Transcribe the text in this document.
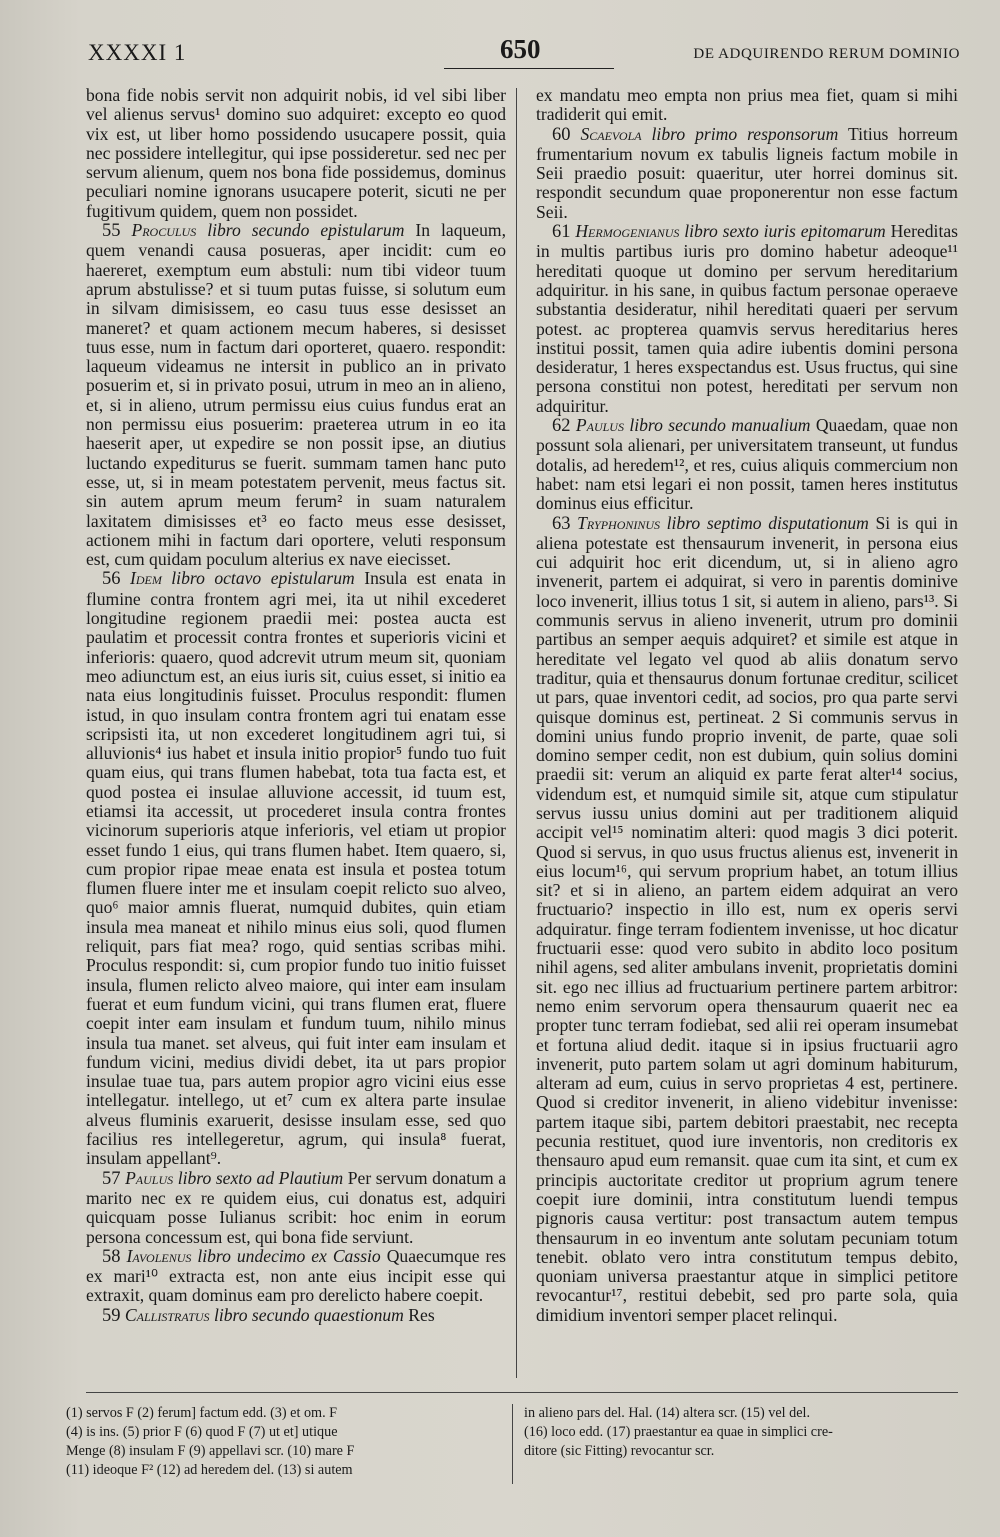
XXXXI 1	650	DE ADQUIRENDO RERUM DOMINIO

bona fide nobis servit non adquirit nobis, id vel sibi liber vel alienus servus¹ domino suo adquiret: excepto eo quod vix est, ut liber homo possidendo usucapere possit, quia nec possidere intellegitur, qui ipse possideretur. sed nec per servum alienum, quem nos bona fide possidemus, dominus peculiari nomine ignorans usucapere poterit, sicuti ne per fugitivum quidem, quem non possidet.

55 Proculus libro secundo epistularum In laqueum, quem venandi causa posueras, aper incidit: cum eo haereret, exemptum eum abstuli: num tibi videor tuum aprum abstulisse? et si tuum putas fuisse, si solutum eum in silvam dimisissem, eo casu tuus esse desisset an maneret? et quam actionem mecum haberes, si desisset tuus esse, num in factum dari oporteret, quaero. respondit: laqueum videamus ne intersit in publico an in privato posuerim et, si in privato posui, utrum in meo an in alieno, et, si in alieno, utrum permissu eius cuius fundus erat an non permissu eius posuerim: praeterea utrum in eo ita haeserit aper, ut expedire se non possit ipse, an diutius luctando expediturus se fuerit. summam tamen hanc puto esse, ut, si in meam potestatem pervenit, meus factus sit. sin autem aprum meum ferum² in suam naturalem laxitatem dimisisses et³ eo facto meus esse desisset, actionem mihi in factum dari oportere, veluti responsum est, cum quidam poculum alterius ex nave eiecisset.

56 Idem libro octavo epistularum Insula est enata in flumine contra frontem agri mei, ita ut nihil excederet longitudine regionem praedii mei: postea aucta est paulatim et processit contra frontes et superioris vicini et inferioris: quaero, quod adcrevit utrum meum sit, quoniam meo adiunctum est, an eius iuris sit, cuius esset, si initio ea nata eius longitudinis fuisset. Proculus respondit: flumen istud, in quo insulam contra frontem agri tui enatam esse scripsisti ita, ut non excederet longitudinem agri tui, si alluvionis⁴ ius habet et insula initio propior⁵ fundo tuo fuit quam eius, qui trans flumen habebat, tota tua facta est, et quod postea ei insulae alluvione accessit, id tuum est, etiamsi ita accessit, ut procederet insula contra frontes vicinorum superioris atque inferioris, vel etiam ut propior esset fundo 1 eius, qui trans flumen habet. Item quaero, si, cum propior ripae meae enata est insula et postea totum flumen fluere inter me et insulam coepit relicto suo alveo, quo⁶ maior amnis fluerat, numquid dubites, quin etiam insula mea maneat et nihilo minus eius soli, quod flumen reliquit, pars fiat mea? rogo, quid sentias scribas mihi. Proculus respondit: si, cum propior fundo tuo initio fuisset insula, flumen relicto alveo maiore, qui inter eam insulam fuerat et eum fundum vicini, qui trans flumen erat, fluere coepit inter eam insulam et fundum tuum, nihilo minus insula tua manet. set alveus, qui fuit inter eam insulam et fundum vicini, medius dividi debet, ita ut pars propior insulae tuae tua, pars autem propior agro vicini eius esse intellegatur. intellego, ut et⁷ cum ex altera parte insulae alveus fluminis exaruerit, desisse insulam esse, sed quo facilius res intellegeretur, agrum, qui insula⁸ fuerat, insulam appellant⁹.

57 Paulus libro sexto ad Plautium Per servum donatum a marito nec ex re quidem eius, cui donatus est, adquiri quicquam posse Iulianus scribit: hoc enim in eorum persona concessum est, qui bona fide serviunt.

58 Iavolenus libro undecimo ex Cassio Quaecumque res ex mari¹⁰ extracta est, non ante eius incipit esse qui extraxit, quam dominus eam pro derelicto habere coepit.

59 Callistratus libro secundo quaestionum Res

ex mandatu meo empta non prius mea fiet, quam si mihi tradiderit qui emit.

60 Scaevola libro primo responsorum Titius horreum frumentarium novum ex tabulis ligneis factum mobile in Seii praedio posuit: quaeritur, uter horrei dominus sit. respondit secundum quae proponerentur non esse factum Seii.

61 Hermogenianus libro sexto iuris epitomarum Hereditas in multis partibus iuris pro domino habetur adeoque¹¹ hereditati quoque ut domino per servum hereditarium adquiritur. in his sane, in quibus factum personae operaeve substantia desideratur, nihil hereditati quaeri per servum potest. ac propterea quamvis servus hereditarius heres institui possit, tamen quia adire iubentis domini persona desideratur, 1 heres exspectandus est. Usus fructus, qui sine persona constitui non potest, hereditati per servum non adquiritur.

62 Paulus libro secundo manualium Quaedam, quae non possunt sola alienari, per universitatem transeunt, ut fundus dotalis, ad heredem¹², et res, cuius aliquis commercium non habet: nam etsi legari ei non possit, tamen heres institutus dominus eius efficitur.

63 Tryphoninus libro septimo disputationum Si is qui in aliena potestate est thensaurum invenerit, in persona eius cui adquirit hoc erit dicendum, ut, si in alieno agro invenerit, partem ei adquirat, si vero in parentis dominive loco invenerit, illius totus 1 sit, si autem in alieno, pars¹³. Si communis servus in alieno invenerit, utrum pro dominii partibus an semper aequis adquiret? et simile est atque in hereditate vel legato vel quod ab aliis donatum servo traditur, quia et thensaurus donum fortunae creditur, scilicet ut pars, quae inventori cedit, ad socios, pro qua parte servi quisque dominus est, pertineat. 2 Si communis servus in domini unius fundo proprio invenit, de parte, quae soli domino semper cedit, non est dubium, quin solius domini praedii sit: verum an aliquid ex parte ferat alter¹⁴ socius, videndum est, et numquid simile sit, atque cum stipulatur servus iussu unius domini aut per traditionem aliquid accipit vel¹⁵ nominatim alteri: quod magis 3 dici poterit. Quod si servus, in quo usus fructus alienus est, invenerit in eius locum¹⁶, qui servum proprium habet, an totum illius sit? et si in alieno, an partem eidem adquirat an vero fructuario? inspectio in illo est, num ex operis servi adquiratur. finge terram fodientem invenisse, ut hoc dicatur fructuarii esse: quod vero subito in abdito loco positum nihil agens, sed aliter ambulans invenit, proprietatis domini sit. ego nec illius ad fructuarium pertinere partem arbitror: nemo enim servorum opera thensaurum quaerit nec ea propter tunc terram fodiebat, sed alii rei operam insumebat et fortuna aliud dedit. itaque si in ipsius fructuarii agro invenerit, puto partem solam ut agri dominum habiturum, alteram ad eum, cuius in servo proprietas 4 est, pertinere. Quod si creditor invenerit, in alieno videbitur invenisse: partem itaque sibi, partem debitori praestabit, nec recepta pecunia restituet, quod iure inventoris, non creditoris ex thensauro apud eum remansit. quae cum ita sint, et cum ex principis auctoritate creditor ut proprium agrum tenere coepit iure dominii, intra constitutum luendi tempus pignoris causa vertitur: post transactum autem tempus thensaurum in eo inventum ante solutam pecuniam totum tenebit. oblato vero intra constitutum tempus debito, quoniam universa praestantur atque in simplici petitore revocantur¹⁷, restitui debebit, sed pro parte sola, quia dimidium inventori semper placet relinqui.

(1) servos F (2) ferum] factum edd. (3) et om. F
(4) is ins. (5) prior F (6) quod F (7) ut et] utique
Menge (8) insulam F (9) appellavi scr. (10) mare F
(11) ideoque F² (12) ad heredem del. (13) si autem
in alieno pars del. Hal. (14) altera scr. (15) vel del.
(16) loco edd. (17) praestantur ea quae in simplici cre-
ditore (sic Fitting) revocantur scr.
